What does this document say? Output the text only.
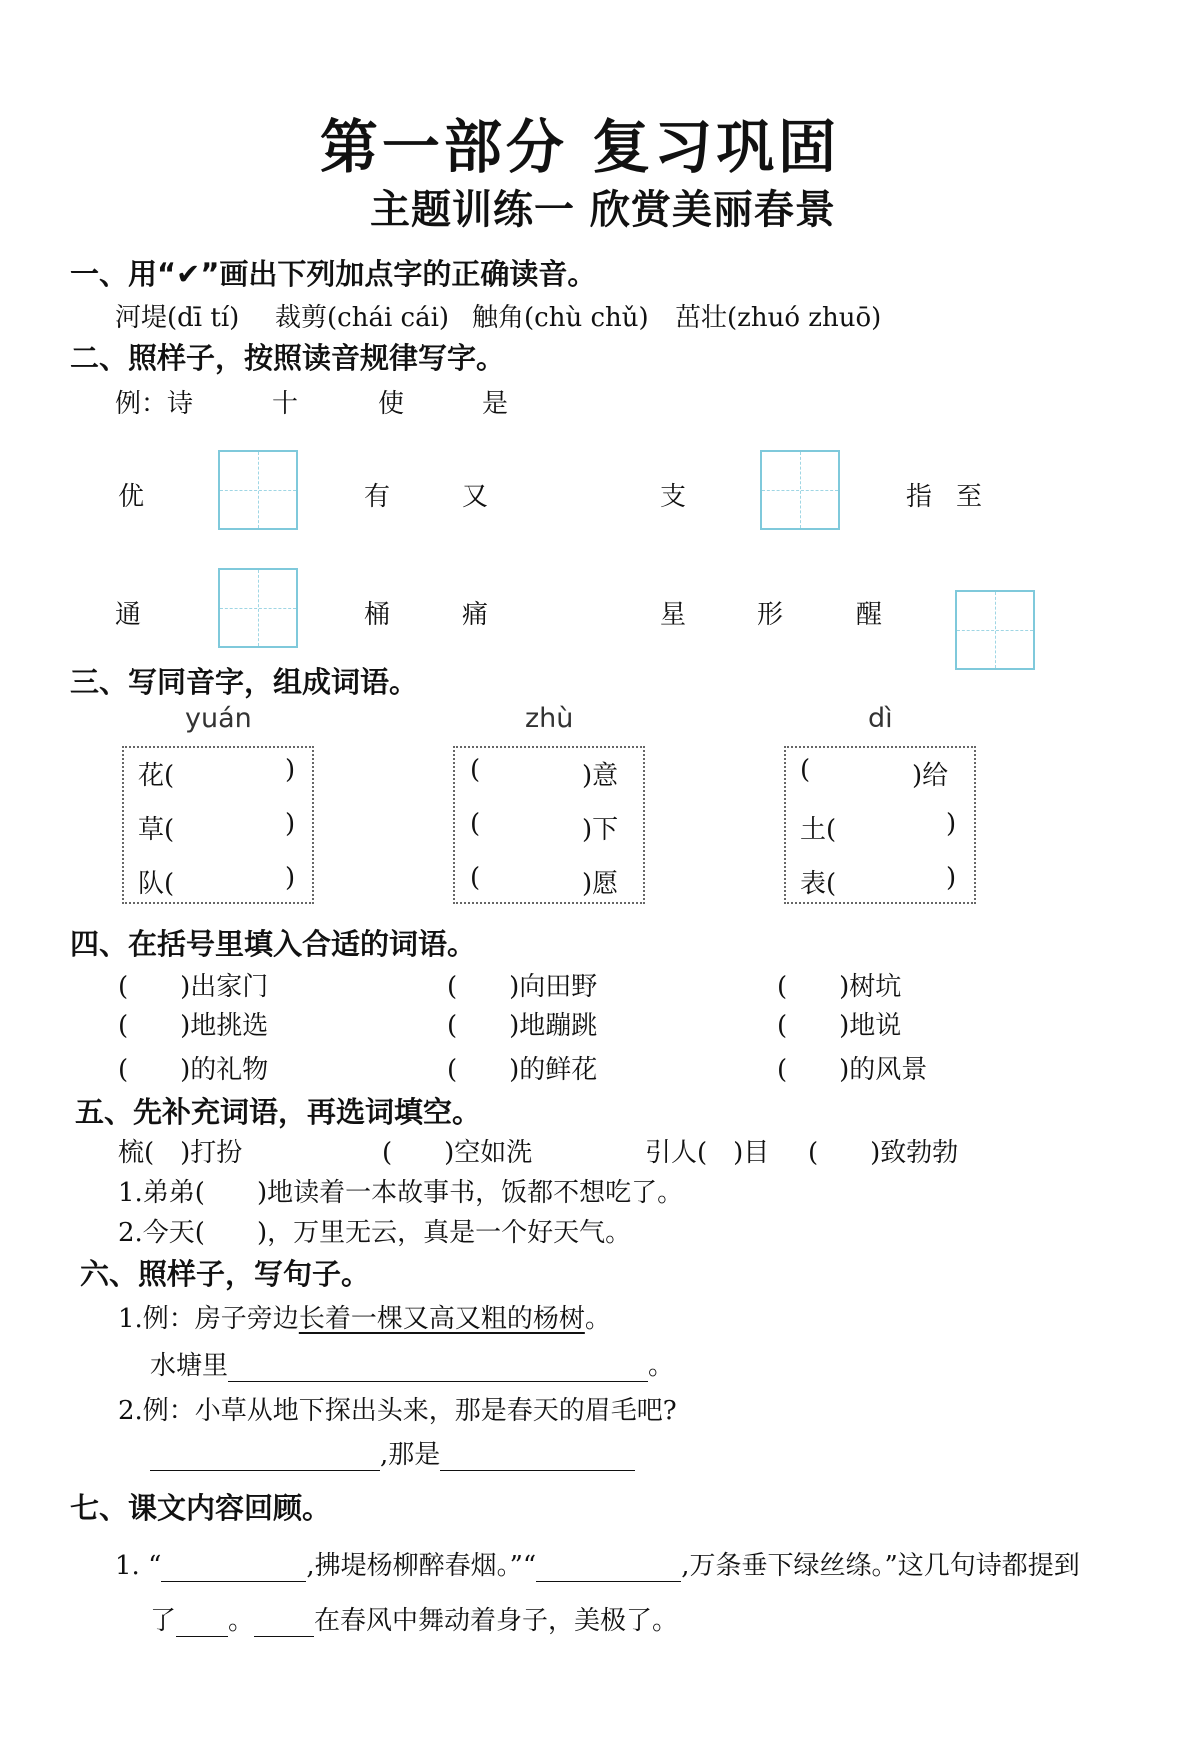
第一部分 复习巩固
主题训练一 欣赏美丽春景
一、用“✔”画出下列加点字的正确读音。
河堤(dī tí) 裁剪(chái cái) 触角(chù chǔ) 茁壮(zhuó zhuō)
二、照样子，按照读音规律写字。
例：诗	十	使	是
优	有	又	支	指 至
通	桶	痛	星	形	醒
三、写同音字，组成词语。
yuán
花(	)
草(	)
队(	)
zhù
(	)意
(	)下
(	)愿
dì
(	)给
土(	)
表(	)
四、在括号里填入合适的词语。
(　　)出家门	(　　)向田野	(　　)树坑
(　　)地挑选	(　　)地蹦跳	(　　)地说
(　　)的礼物	(　　)的鲜花	(　　)的风景
五、先补充词语，再选词填空。
梳(　)打扮	(　　)空如洗	引人(　)目 (　　)致勃勃
1.弟弟(　　)地读着一本故事书，饭都不想吃了。
2.今天(　　)，万里无云，真是一个好天气。
六、照样子，写句子。
1.例：房子旁边长着一棵又高又粗的杨树。
水塘里	。
2.例：小草从地下探出头来，那是春天的眉毛吧?
,那是
七、课文内容回顾。
1. “	,拂堤杨柳醉春烟。”“	,万条垂下绿丝绦。”这几句诗都提到
了 。 在春风中舞动着身子，美极了。
